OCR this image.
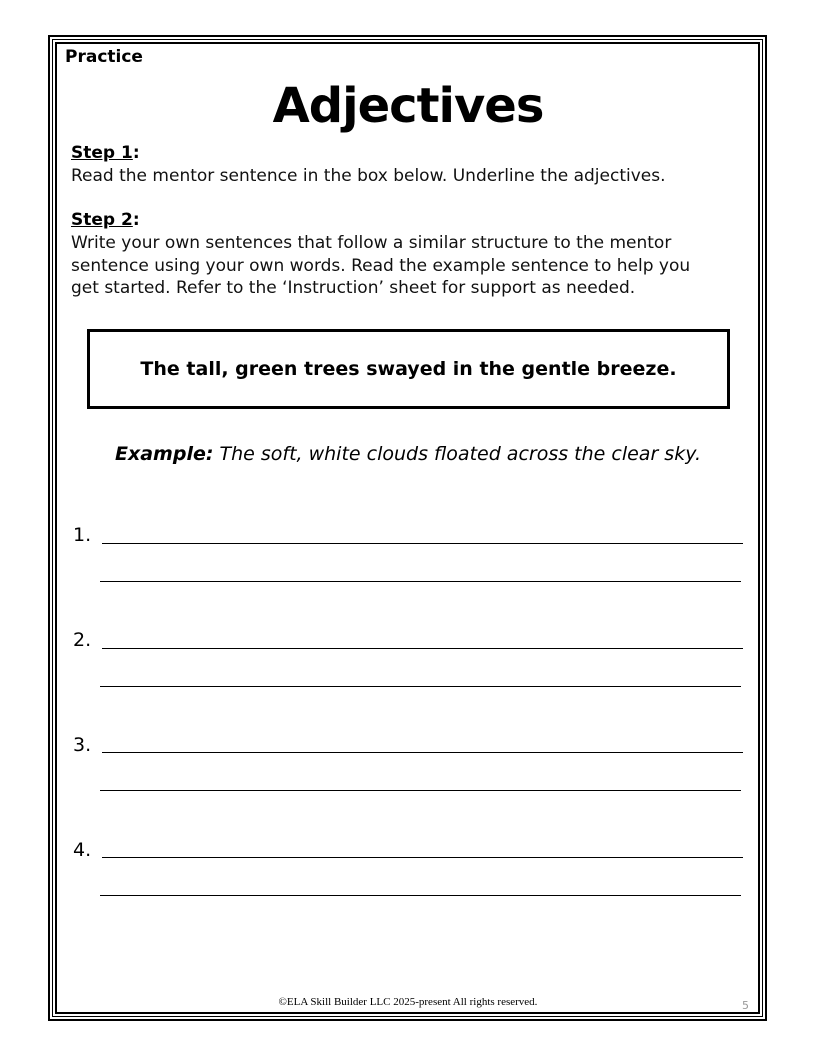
Practice
Adjectives
Step 1:
Read the mentor sentence in the box below. Underline the adjectives.
Step 2:
Write your own sentences that follow a similar structure to the mentor
sentence using your own words. Read the example sentence to help you
get started. Refer to the ‘Instruction’ sheet for support as needed.
The tall, green trees swayed in the gentle breeze.
Example: The soft, white clouds floated across the clear sky.
1.
2.
3.
4.
©ELA Skill Builder LLC 2025-present All rights reserved.	5
